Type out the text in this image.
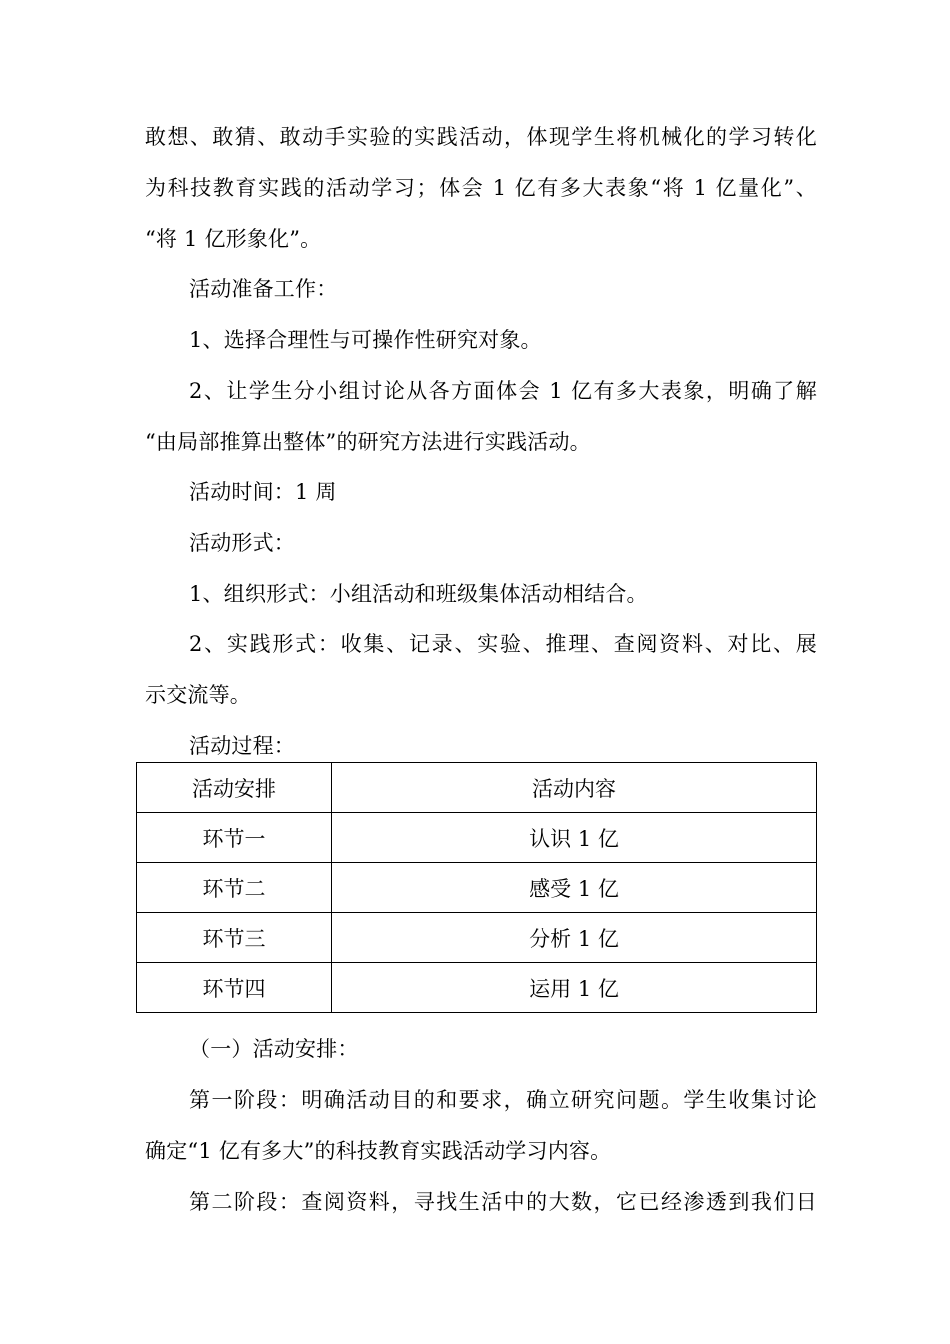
敢想、敢猜、敢动手实验的实践活动，体现学生将机械化的学习转化
为科技教育实践的活动学习；体会 1 亿有多大表象“将 1 亿量化”、
“将 1 亿形象化”。
活动准备工作：
1、选择合理性与可操作性研究对象。
2、让学生分小组讨论从各方面体会 1 亿有多大表象，明确了解
“由局部推算出整体”的研究方法进行实践活动。
活动时间：1 周
活动形式：
1、组织形式：小组活动和班级集体活动相结合。
2、实践形式：收集、记录、实验、推理、查阅资料、对比、展
示交流等。
活动过程：
（一）活动安排：
第一阶段：明确活动目的和要求，确立研究问题。学生收集讨论
确定“1 亿有多大”的科技教育实践活动学习内容。
第二阶段：查阅资料，寻找生活中的大数，它已经渗透到我们日
活动安排	活动内容
环节一	认识 1 亿
环节二	感受 1 亿
环节三	分析 1 亿
环节四	运用 1 亿
